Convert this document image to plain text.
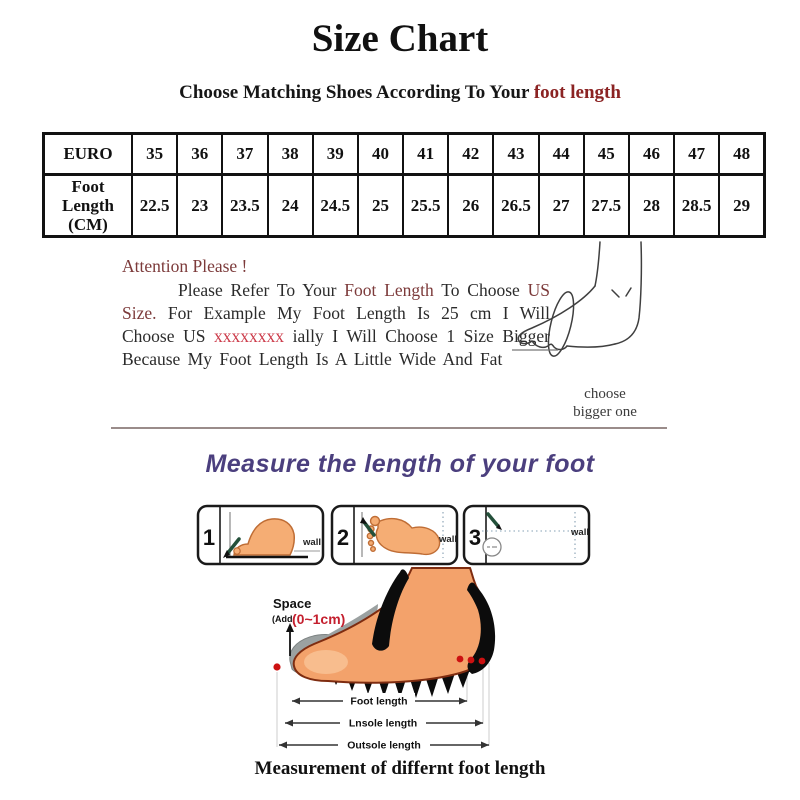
Size Chart
Choose Matching Shoes According To Your foot length
EURO	35	36	37	38	39	40	41	42	43	44	45	46	47	48
Foot Length (CM)	22.5	23	23.5	24	24.5	25	25.5	26	26.5	27	27.5	28	28.5	29
Attention Please !

Please Refer To Your Foot Length To Choose US Size. For Example My Foot Length Is 25 cm I Will Choose US xxxxxxxx ially I Will Choose 1 Size Bigger Because My Foot Length Is A Little Wide And Fat

choose
bigger one
Measure the length of your foot
1	wall 2	wall 3	wall
Space
(Add (0~1cm)
Foot length
Lnsole length
Outsole length
Measurement of differnt foot length
